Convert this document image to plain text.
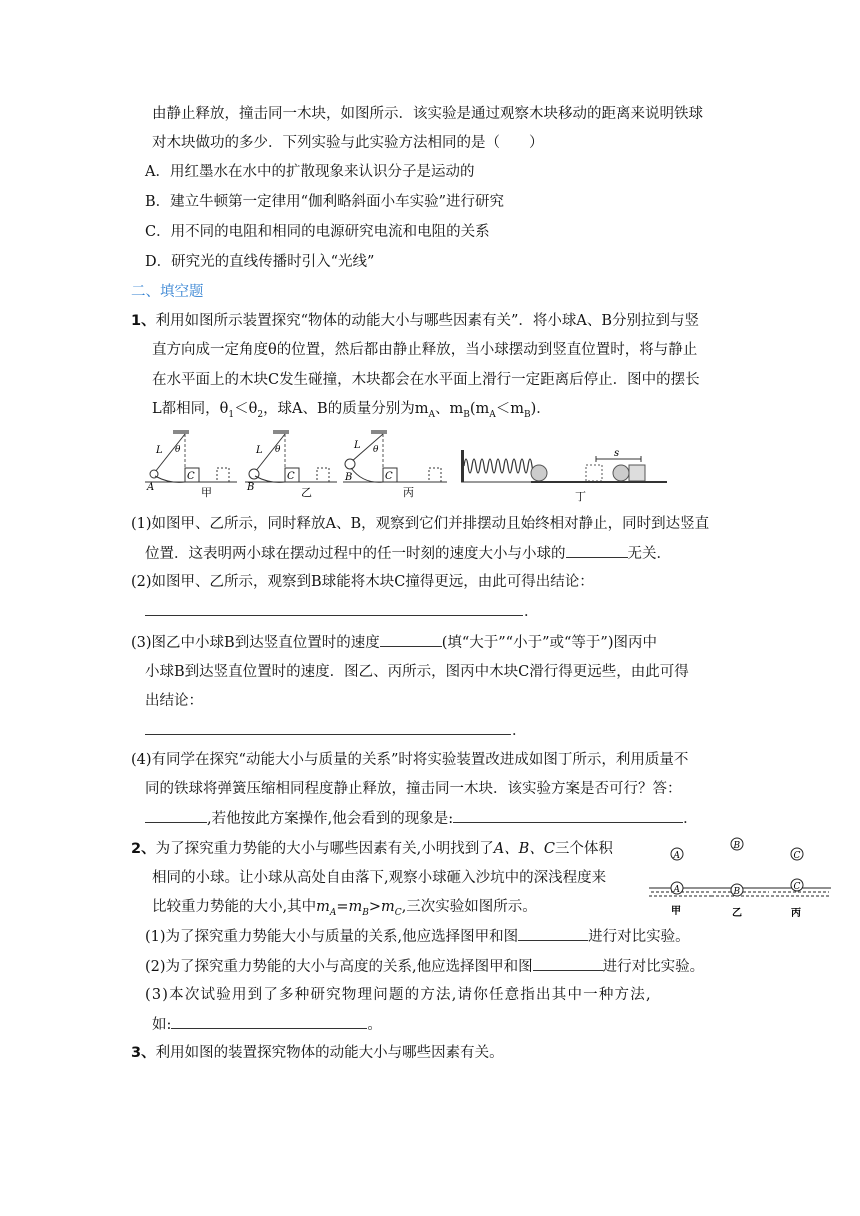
由静止释放，撞击同一木块，如图所示．该实验是通过观察木块移动的距离来说明铁球
对木块做功的多少．下列实验与此实验方法相同的是（　　）
A．用红墨水在水中的扩散现象来认识分子是运动的
B．建立牛顿第一定律用“伽利略斜面小车实验”进行研究
C．用不同的电阻和相同的电源研究电流和电阻的关系
D．研究光的直线传播时引入“光线”
二、填空题
1、利用如图所示装置探究“物体的动能大小与哪些因素有关”．将小球A、B分别拉到与竖
直方向成一定角度θ的位置，然后都由静止释放，当小球摆动到竖直位置时，将与静止
在水平面上的木块C发生碰撞，木块都会在水平面上滑行一定距离后停止．图中的摆长
L都相同，$\theta_1<\theta_2$，球A、B的质量分别为$m_A$、$m_B(m_A<m_B)$．
L θ
C
A	甲
L θ
C
B	乙
L θ
C
B
丙
s
丁
(1)如图甲、乙所示，同时释放A、B，观察到它们并排摆动且始终相对静止，同时到达竖直
位置．这表明两小球在摆动过程中的任一时刻的速度大小与小球的	无关．
(2)如图甲、乙所示，观察到B球能将木块C撞得更远，由此可得出结论：
．
(3)图乙中小球B到达竖直位置时的速度	(填“大于”“小于”或“等于”)图丙中
小球B到达竖直位置时的速度．图乙、丙所示，图丙中木块C滑行得更远些，由此可得
出结论：
．
(4)有同学在探究“动能大小与质量的关系”时将实验装置改进成如图丁所示，利用质量不
同的铁球将弹簧压缩相同程度静止释放，撞击同一木块．该实验方案是否可行？答：
,若他按此方案操作,他会看到的现象是:	．
2、为了探究重力势能的大小与哪些因素有关,小明找到了A、B、C三个体积
相同的小球。让小球从高处自由落下,观察小球砸入沙坑中的深浅程度来
比较重力势能的大小,其中$m_A=m_B>m_C$,三次实验如图所示。
A
A
甲
B
B
乙
C
C
丙
(1)为了探究重力势能大小与质量的关系,他应选择图甲和图	进行对比实验。
(2)为了探究重力势能的大小与高度的关系,他应选择图甲和图	进行对比实验。
(3)本次试验用到了多种研究物理问题的方法,请你任意指出其中一种方法,
如:	。
3、利用如图的装置探究物体的动能大小与哪些因素有关。
